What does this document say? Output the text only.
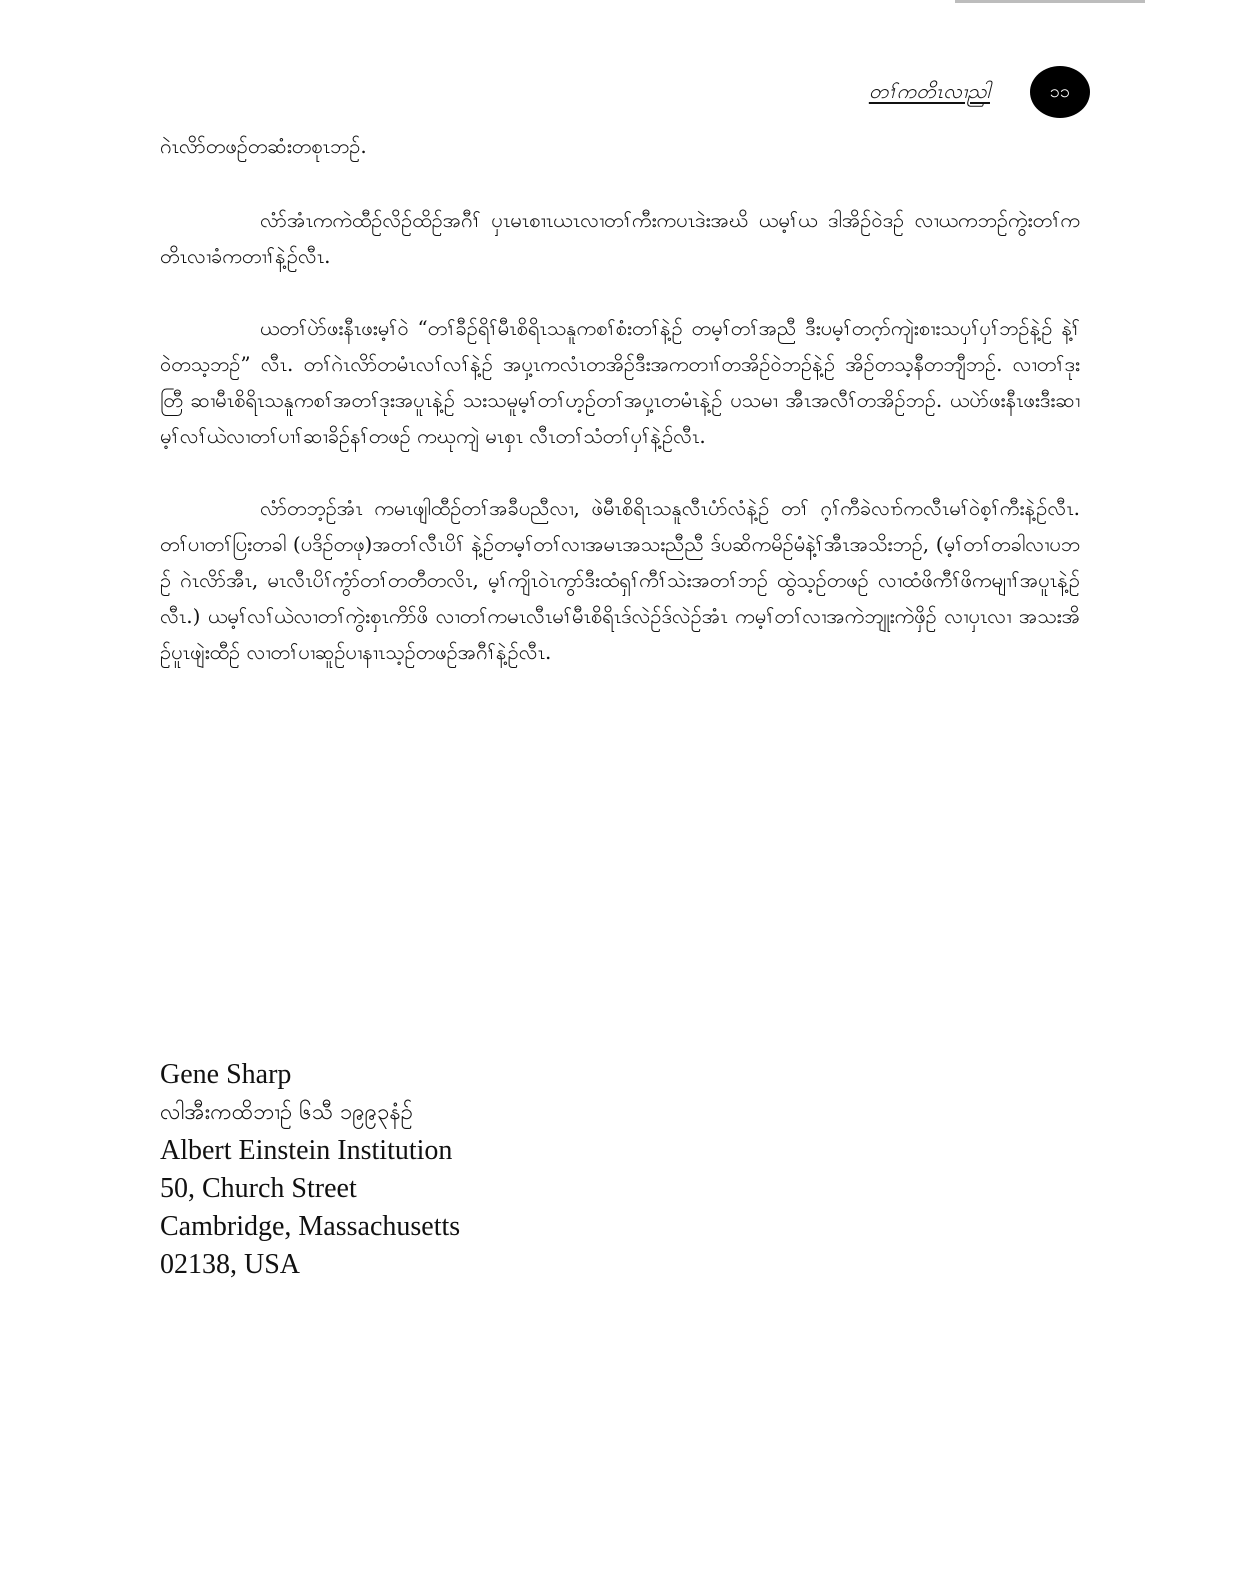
တၢ်ကတိၤလၢညါ	၁၁

ဂဲၤလိာ်တဖဉ်တဆံးတစုၤဘဉ်.

လံာ်အံၤကကဲထီဉ်လိဉ်ထိဉ်အဂီၢ် ပှၤမၤစၢၤယၤလၢတၢ်ကီးကပၤဒဲးအဃိ ယမ့ၢ်ယ ဒါအိဉ်ဝဲဒဉ် လၢယကဘဉ်ကွဲးတၢ်ကတိၤလၢခံကတၢၢ်နဲ့ဉ်လီၤ.

ယတၢ်ပဲာ်ဖးနီၤဖးမ့ၢ်ဝဲ “တၢ်ခီဉ်ရိၢ်မီၤစိရိၤသနူကစၢ်စံးတၢ်နဲ့ဉ် တမ့ၢ်တၢ်အညီ ဒီးပမ့ၢ်တဂ့ာ်ကျဲးစၢးသပှၢ်ပှၢ်ဘဉ်နဲ့ဉ် နဲ့ၢ်ဝဲတသ့ဘဉ်” လီၤ. တၢ်ဂဲၤလိာ်တမံၤလၢ်လၢ်နဲ့ဉ် အပှ့ၤကလံၤတအိဉ်ဒီးအကတၢၢ်တအိဉ်ဝဲဘဉ်နဲ့ဉ် အိဉ်တသ့နီတဘျီဘဉ်. လၢတၢ်ဒုးတြီ ဆၢမီၤစိရိၤသနူကစၢ်အတၢ်ဒုးအပူၤနဲ့ဉ် သးသမူမ့ၢ်တၢ်ဟ့ဉ်တၢ်အပှ့ၤတမံၤနဲ့ဉ် ပသမၢ အီၤအလီၢ်တအိဉ်ဘဉ်. ယပဲာ်ဖးနီၤဖးဒီးဆၢမ့ၢ်လၢ်ယဲလၢတၢ်ပၢၢ်ဆၢခိဉ်နၢ်တဖဉ် ကဃုကျဲ မၤစှၤ လီၤတၢ်သံတၢ်ပှၢ်နဲ့ဉ်လီၤ.

လံာ်တဘ့ဉ်အံၤ ကမၤဖျါထီဉ်တၢ်အခီပညီလၢ, ဖဲမီၤစိရိၤသနူလီၤပံာ်လံနဲ့ဉ် တၢ် ဂ့ၢ်ကီခဲလၢာ်ကလီၤမၢ်ဝဲစ့ၢ်ကီးနဲ့ဉ်လီၤ. တၢ်ပၢတၢ်ပြးတခါ (ပဒိဉ်တဖု)အတၢ်လီၤပိၢ် နဲ့ဉ်တမ့ၢ်တၢ်လၢအမၤအသးညီညီ ဒ်ပဆိကမိဉ်မံနဲ့ၢ်အီၤအသိးဘဉ်, (မ့ၢ်တၢ်တခါလၢပဘဉ် ဂဲၤလိာ်အီၤ, မၤလီၤပိၢ်ကွံာ်တၢ်တတီတလိၤ, မ့ၢ်ကျိၤဝဲၤကွာ်ဒီးထံရှၢ်ကီၢ်သဲးအတၢ်ဘဉ် ထွဲသ့ဉ်တဖဉ် လၢထံဖိကီၢ်ဖိကမျၢၢ်အပူၤနဲ့ဉ်လီၤ.) ယမ့ၢ်လၢ်ယဲလၢတၢ်ကွဲးစှၤကိာ်ဖိ လၢတၢ်ကမၤလီၤမၢ်မီၤစိရိၤဒ်လဲဉ်ဒ်လဲဉ်အံၤ ကမ့ၢ်တၢ်လၢအကဲဘျုးကဲဖှိဉ် လၢပှၤလၢ အသးအိဉ်ပူၤဖျဲးထီဉ် လၢတၢ်ပၢဆူဉ်ပၢနၢၤသ့ဉ်တဖဉ်အဂီၢ်နဲ့ဉ်လီၤ.

Gene Sharp
လါအီးကထိဘၢဉ် ၆သီ ၁၉၉၃နံဉ်
Albert Einstein Institution
50, Church Street
Cambridge, Massachusetts
02138, USA
